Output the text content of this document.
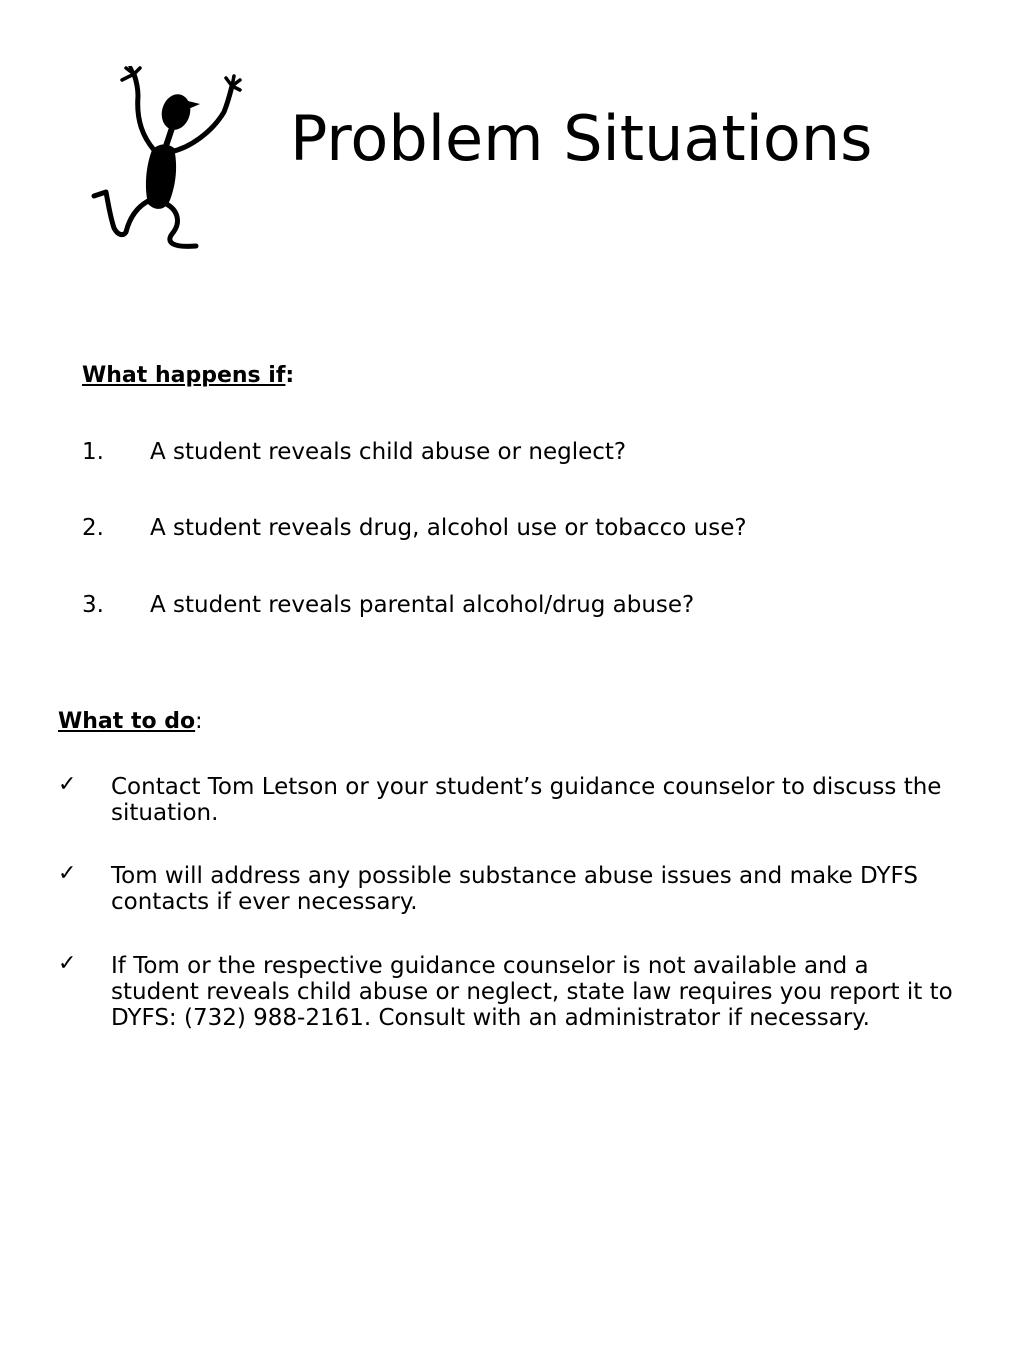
Problem Situations
What happens if:
1. A student reveals child abuse or neglect?
2. A student reveals drug, alcohol use or tobacco use?
3. A student reveals parental alcohol/drug abuse?
What to do:
✓	Contact Tom Letson or your student’s guidance counselor to discuss the situation.
✓	Tom will address any possible substance abuse issues and make DYFS contacts if ever necessary.
✓	If Tom or the respective guidance counselor is not available and a student reveals child abuse or neglect, state law requires you report it to DYFS: (732) 988-2161. Consult with an administrator if necessary.
